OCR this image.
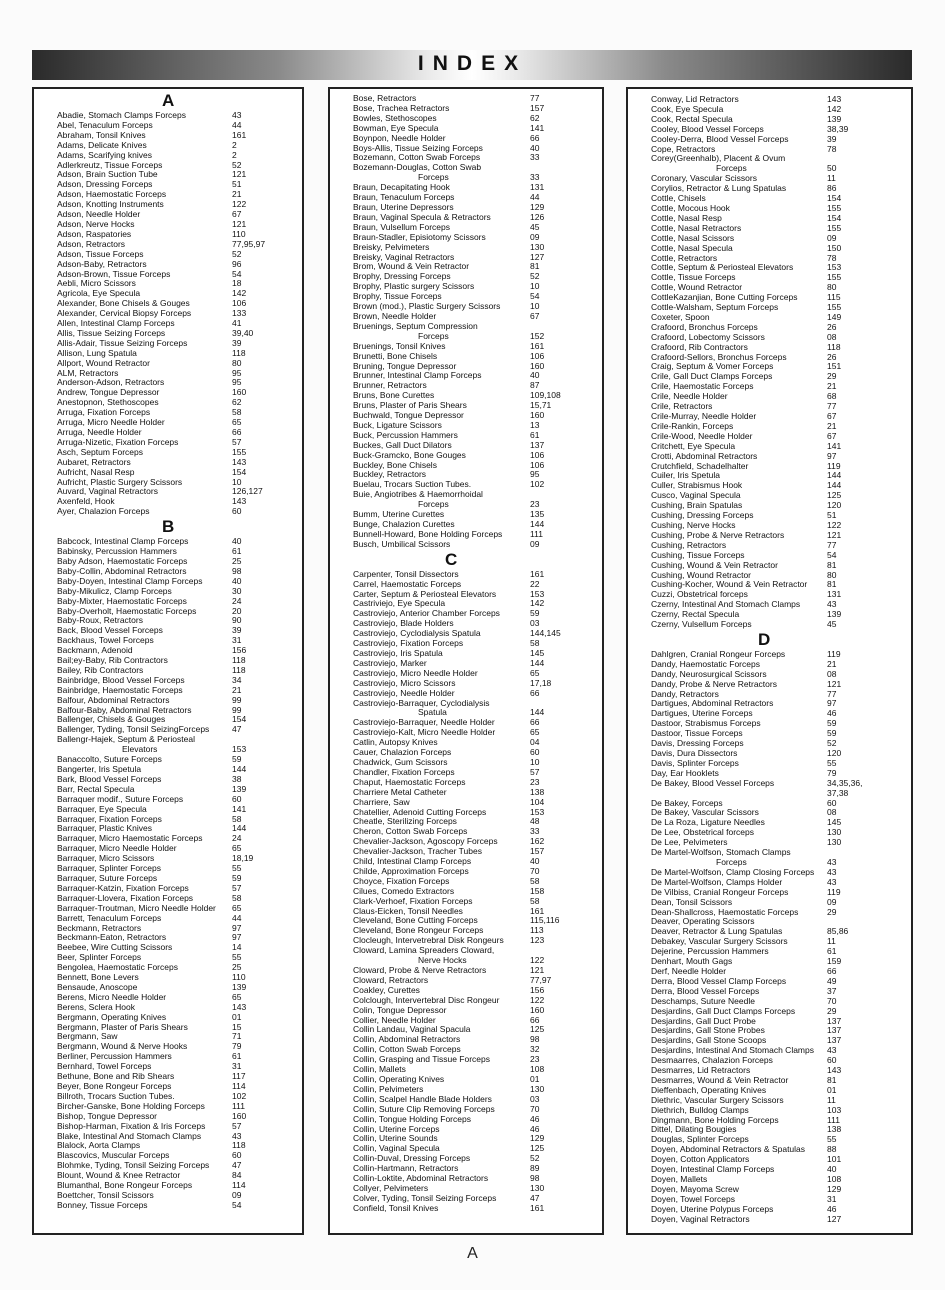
INDEX
A
Abadie, Stomach Clamps Forceps	43
Abel, Tenaculum Forceps	44
Abraham, Tonsil Knives	161
Adams, Delicate Knives	2
Adams, Scarifying knives	2
Adlerkreutz, Tissue Forceps	52
Adson, Brain Suction Tube	121
Adson, Dressing Forceps	51
Adson, Haemostatic Forceps	21
Adson, Knotting Instruments	122
Adson, Needle Holder	67
Adson, Nerve Hocks	121
Adson, Raspatories	110
Adson, Retractors	77,95,97
Adson, Tissue Forceps	52
Adson-Baby, Retractors	96
Adson-Brown, Tissue Forceps	54
Aebli, Micro Scissors	18
Agricola, Eye Specula	142
Alexander, Bone Chisels & Gouges	106
Alexander, Cervical Biopsy Forceps	133
Allen, Intestinal Clamp Forceps	41
Allis, Tissue Seizing Forceps	39,40
Allis-Adair, Tissue Seizing Forceps	39
Allison, Lung Spatula	118
Allport, Wound Retractor	80
ALM, Retractors	95
Anderson-Adson, Retractors	95
Andrew, Tongue Depressor	160
Anestopnon, Stethoscopes	62
Arruga, Fixation Forceps	58
Arruga, Micro Needle Holder	65
Arruga, Needle Holder	66
Arruga-Nizetic, Fixation Forceps	57
Asch, Septum Forceps	155
Aubaret, Retractors	143
Aufricht, Nasal Resp	154
Aufricht, Plastic Surgery Scissors	10
Auvard, Vaginal Retractors	126,127
Axenfeld, Hook	143
Ayer, Chalazion Forceps	60
B
Babcock, Intestinal Clamp Forceps	40
Babinsky, Percussion Hammers	61
Baby Adson, Haemostatic Forceps	25
Baby-Collin, Abdominal Retractors	98
Baby-Doyen, Intestinal Clamp Forceps	40
Baby-Mikulicz, Clamp Forceps	30
Baby-Mixter, Haemostatic Forceps	24
Baby-Overholt, Haemostatic Forceps	20
Baby-Roux, Retractors	90
Back, Blood Vessel Forceps	39
Backhaus, Towel Forceps	31
Backmann, Adenoid	156
Bail;ey-Baby, Rib Contractors	118
Bailey, Rib Contractors	118
Bainbridge, Blood Vessel Forceps	34
Bainbridge, Haemostatic Forceps	21
Balfour, Abdominal Retractors	99
Balfour-Baby, Abdominal Retractors	99
Ballenger, Chisels & Gouges	154
Ballenger, Tyding, Tonsil SeizingForceps	47
Ballengr-Hajek, Septum & Periosteal
Elevators	153
Banaccolto, Suture Forceps	59
Bangerter, Iris Spetula	144
Bark, Blood Vessel Forceps	38
Barr, Rectal Specula	139
Barraquer modif., Suture Forceps	60
Barraquer, Eye Specula	141
Barraquer, Fixation Forceps	58
Barraquer, Plastic Knives	144
Barraquer, Micro Haemostatic Forceps	24
Barraquer, Micro Needle Holder	65
Barraquer, Micro Scissors	18,19
Barraquer, Splinter Forceps	55
Barraquer, Suture Forceps	59
Barraquer-Katzin, Fixation Forceps	57
Barraquer-Llovera, Fixation Forceps	58
Barraquer-Troutman, Micro Needle Holder	65
Barrett, Tenaculum Forceps	44
Beckmann, Retractors	97
Beckmann-Eaton, Retractors	97
Beebee, Wire Cutting Scissors	14
Beer, Splinter Forceps	55
Bengolea, Haemostatic Forceps	25
Bennett, Bone Levers	110
Bensaude, Anoscope	139
Berens, Micro Needle Holder	65
Berens, Sclera Hook	143
Bergmann, Operating Knives	01
Bergmann, Plaster of Paris Shears	15
Bergmann, Saw	71
Bergmann, Wound & Nerve Hooks	79
Berliner, Percussion Hammers	61
Bernhard, Towel Forceps	31
Bethune, Bone and Rib Shears	117
Beyer, Bone Rongeur Forceps	114
Billroth, Trocars Suction Tubes.	102
Bircher-Ganske, Bone Holding Forceps	111
Bishop, Tongue Depressor	160
Bishop-Harman, Fixation & Iris Forceps	57
Blake, Intestinal And Stomach Clamps	43
Blalock, Aorta Clamps	118
Blascovics, Muscular Forceps	60
Blohmke, Tyding, Tonsil Seizing Forceps	47
Blount, Wound & Knee Retractor	84
Blumanthal, Bone Rongeur Forceps	114
Boettcher, Tonsil Scissors	09
Bonney, Tissue Forceps	54
Bose, Retractors	77
Bose, Trachea Retractors	157
Bowles, Stethoscopes	62
Bowman, Eye Specula	141
Boynpon, Needle Holder	66
Boys-Allis, Tissue Seizing Forceps	40
Bozemann, Cotton Swab Forceps	33
Bozemann-Douglas, Cotton Swab
Forceps	33
Braun, Decapitating Hook	131
Braun, Tenaculum Forceps	44
Braun, Uterine Depressors	129
Braun, Vaginal Specula & Retractors	126
Braun, Vulsellum Forceps	45
Braun-Stadler, Episiotomy Scissors	09
Breisky, Pelvimeters	130
Breisky, Vaginal Retractors	127
Brom, Wound & Vein Retractor	81
Brophy, Dressing Forceps	52
Brophy, Plastic surgery Scissors	10
Brophy, Tissue Forceps	54
Brown (mod.), Plastic Surgery Scissors	10
Brown, Needle Holder	67
Bruenings, Septum Compression
Forceps	152
Bruenings, Tonsil Knives	161
Brunetti, Bone Chisels	106
Bruning, Tongue Depressor	160
Brunner, Intestinal Clamp Forceps	40
Brunner, Retractors	87
Bruns, Bone Curettes	109,108
Bruns, Plaster of Paris Shears	15,71
Buchwald, Tongue Depressor	160
Buck, Ligature Scissors	13
Buck, Percussion Hammers	61
Buckes, Gall Duct Dilators	137
Buck-Gramcko, Bone Gouges	106
Buckley, Bone Chisels	106
Buckley, Retractors	95
Buelau, Trocars Suction Tubes.	102
Buie, Angiotribes & Haemorrhoidal
Forceps	23
Bumm, Uterine Curettes	135
Bunge, Chalazion Curettes	144
Bunnell-Howard, Bone Holding Forceps	111
Busch, Umbilical Scissors	09
C
Carpenter, Tonsil Dissectors	161
Carrel, Haemostatic Forceps	22
Carter, Septum & Periosteal Elevators	153
Castriviejo, Eye Specula	142
Castroviejo, Anterior Chamber Forceps	59
Castroviejo, Blade Holders	03
Castroviejo, Cyclodialysis Spatula	144,145
Castroviejo, Fixation Forceps	58
Castroviejo, Iris Spatula	145
Castroviejo, Marker	144
Castroviejo, Micro Needle Holder	65
Castroviejo, Micro Scissors	17,18
Castroviejo, Needle Holder	66
Castroviejo-Barraquer, Cyclodialysis
Spatula	144
Castroviejo-Barraquer, Needle Holder	66
Castroviejo-Kalt, Micro Needle Holder	65
Catlin, Autopsy Knives	04
Cauer, Chalazion Forceps	60
Chadwick, Gum Scissors	10
Chandler, Fixation Forceps	57
Chaput, Haemostatic Forceps	23
Charriere Metal Catheter	138
Charriere, Saw	104
Chatellier, Adenoid Cutting Forceps	153
Cheatle, Sterilizing Forceps	48
Cheron, Cotton Swab Forceps	33
Chevalier-Jackson, Agoscopy Forceps	162
Chevalier-Jackson, Tracher Tubes	157
Child, Intestinal Clamp Forceps	40
Childe, Approximation Forceps	70
Choyce, Fixation Forceps	58
Cilues, Comedo Extractors	158
Clark-Verhoef, Fixation Forceps	58
Claus-Eicken, Tonsil Needles	161
Cleveland, Bone Cutting Forceps	115,116
Cleveland, Bone Rongeur Forceps	113
Clocleugh, Intervetrebral Disk Rongeurs	123
Cloward, Lamina Spreaders Cloward,
Nerve Hocks	122
Cloward, Probe & Nerve Retractors	121
Cloward, Retractors	77,97
Coakley, Curettes	156
Colclough, Intervertebral Disc Rongeur	122
Colin, Tongue Depressor	160
Collier, Needle Holder	66
Collin Landau, Vaginal Spacula	125
Collin, Abdominal Retractors	98
Collin, Cotton Swab Forceps	32
Collin, Grasping and Tissue Forceps	23
Collin, Mallets	108
Collin, Operating Knives	01
Collin, Pelvimeters	130
Collin, Scalpel Handle Blade Holders	03
Collin, Suture Clip Removing Forceps	70
Collin, Tongue Holding Forceps	46
Collin, Uterine Forceps	46
Collin, Uterine Sounds	129
Collin, Vaginal Specula	125
Collin-Duval, Dressing Forceps	52
Collin-Hartmann, Retractors	89
Collin-Loktite, Abdominal Retractors	98
Collyer, Pelvimeters	130
Colver, Tyding, Tonsil Seizing Forceps	47
Confield, Tonsil Knives	161
Conway, Lid Retractors	143
Cook, Eye Specula	142
Cook, Rectal Specula	139
Cooley, Blood Vessel Forceps	38,39
Cooley-Derra, Blood Vessel Forceps	39
Cope, Retractors	78
Corey(Greenhalb), Placent & Ovum
Forceps	50
Coronary, Vascular Scissors	11
Corylios, Retractor & Lung Spatulas	86
Cottle, Chisels	154
Cottle, Mocous Hook	155
Cottle, Nasal Resp	154
Cottle, Nasal Retractors	155
Cottle, Nasal Scissors	09
Cottle, Nasal Specula	150
Cottle, Retractors	78
Cottle, Septum & Periosteal Elevators	153
Cottle, Tissue Forceps	155
Cottle, Wound Retractor	80
CottleKazanjian, Bone Cutting Forceps	115
Cottle-Walsham, Septum Forceps	155
Coxeter, Spoon	149
Crafoord, Bronchus Forceps	26
Crafoord, Lobectomy Scissors	08
Crafoord, Rib Contractors	118
Crafoord-Sellors, Bronchus Forceps	26
Craig, Septum & Vomer Forceps	151
Crile, Gall Duct Clamps Forceps	29
Crile, Haemostatic Forceps	21
Crile, Needle Holder	68
Crile, Retractors	77
Crile-Murray, Needle Holder	67
Crile-Rankin, Forceps	21
Crile-Wood, Needle Holder	67
Critchett, Eye Specula	141
Crotti, Abdominal Retractors	97
Crutchfield, Schadelhalter	119
Cuiler, Iris Spetula	144
Culler, Strabismus Hook	144
Cusco, Vaginal Specula	125
Cushing, Brain Spatulas	120
Cushing, Dressing Forceps	51
Cushing, Nerve Hocks	122
Cushing, Probe & Nerve Retractors	121
Cushing, Retractors	77
Cushing, Tissue Forceps	54
Cushing, Wound & Vein Retractor	81
Cushing, Wound Retractor	80
Cushing-Kocher, Wound & Vein Retractor	81
Cuzzi, Obstetrical forceps	131
Czerny, Intestinal And Stomach Clamps	43
Czerny, Rectal Specula	139
Czerny, Vulsellum Forceps	45
D
Dahlgren, Cranial Rongeur Forceps	119
Dandy, Haemostatic Forceps	21
Dandy, Neurosurgical Scissors	08
Dandy, Probe & Nerve Retractors	121
Dandy, Retractors	77
Dartigues, Abdominal Retractors	97
Dartigues, Uterine Forceps	46
Dastoor, Strabismus Forceps	59
Dastoor, Tissue Forceps	59
Davis, Dressing Forceps	52
Davis, Dura Dissectors	120
Davis, Splinter Forceps	55
Day, Ear Hooklets	79
De Bakey, Blood Vessel Forceps	34,35,36,
37,38
De Bakey, Forceps	60
De Bakey, Vascular Scissors	08
De La Roza, Ligature Needles	145
De Lee, Obstetrical forceps	130
De Lee, Pelvimeters	130
De Martel-Wolfson, Stomach Clamps
Forceps	43
De Martel-Wolfson, Clamp Closing Forceps	43
De Martel-Wolfson, Clamps Holder	43
De Vilbiss, Cranial Rongeur Forceps	119
Dean, Tonsil Scissors	09
Dean-Shallcross, Haemostatic Forceps	29
Deaver, Operating Scissors
Deaver, Retractor & Lung Spatulas	85,86
Debakey, Vascular Surgery Scissors	11
Dejerine, Percussion Hammers	61
Denhart, Mouth Gags	159
Derf, Needle Holder	66
Derra, Blood Vessel Clamp Forceps	49
Derra, Blood Vessel Forceps	37
Deschamps, Suture Needle	70
Desjardins, Gall Duct Clamps Forceps	29
Desjardins, Gall Duct Probe	137
Desjardins, Gall Stone Probes	137
Desjardins, Gall Stone Scoops	137
Desjardins, Intestinal And Stomach Clamps	43
Desmaarres, Chalazion Forceps	60
Desmarres, Lid Retractors	143
Desmarres, Wound & Vein Retractor	81
Dieffenbach, Operating Knives	01
Diethric, Vascular Surgery Scissors	11
Diethrich, Bulldog Clamps	103
Dingmann, Bone Holding Forceps	111
Dittel, Dilating Bougies	138
Douglas, Splinter Forceps	55
Doyen, Abdominal Retractors & Spatulas	88
Doyen, Cotton Applicators	101
Doyen, Intestinal Clamp Forceps	40
Doyen, Mallets	108
Doyen, Mayoma Screw	129
Doyen, Towel Forceps	31
Doyen, Uterine Polypus Forceps	46
Doyen, Vaginal Retractors	127
A
